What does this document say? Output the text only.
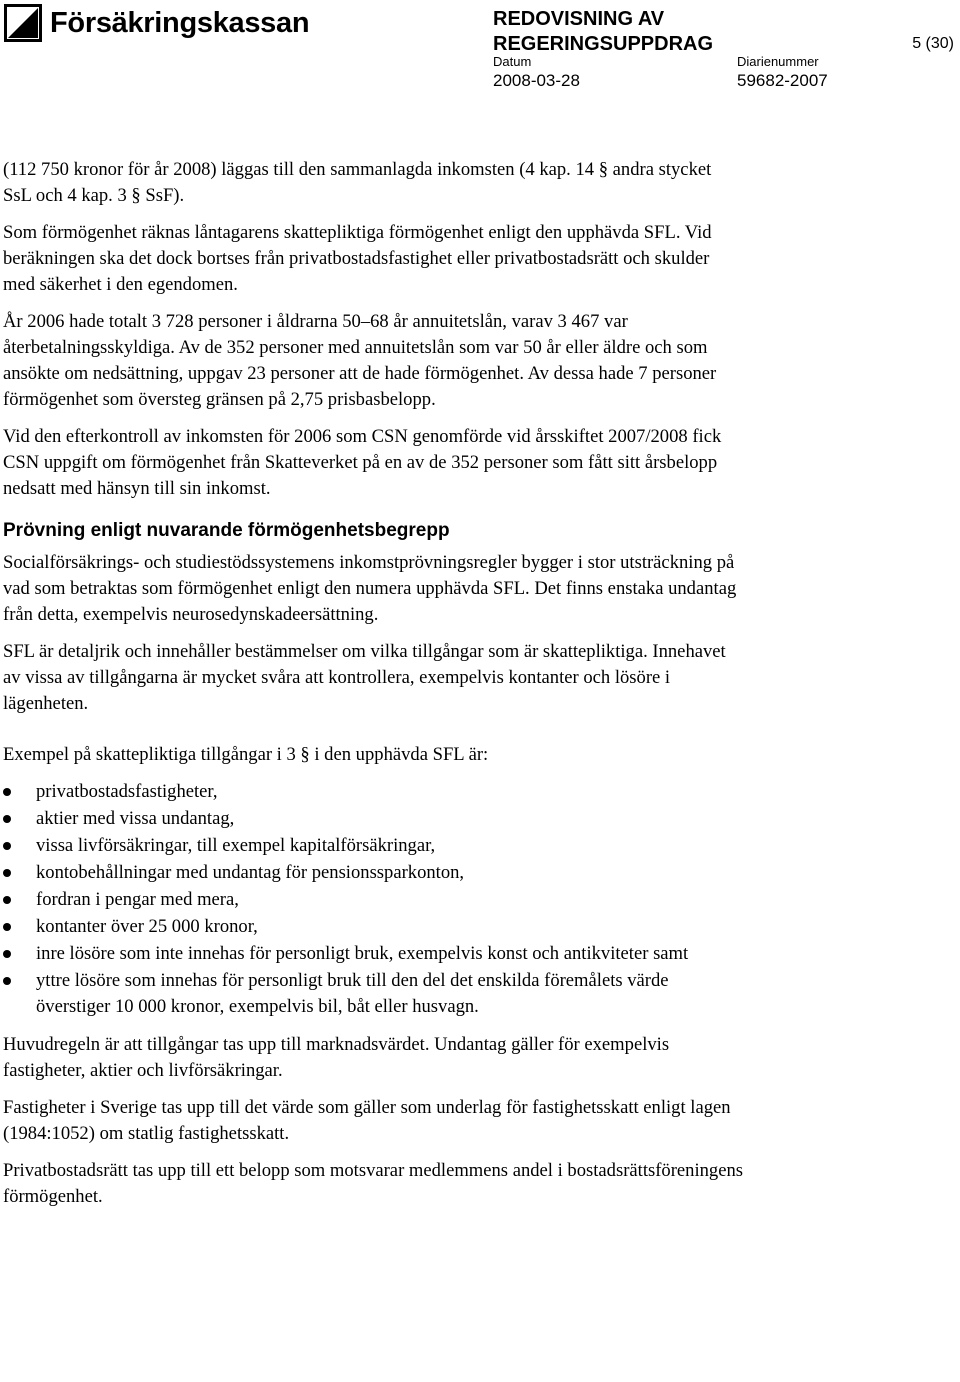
Försäkringskassan	REDOVISNING AV
REGERINGSUPPDRAG	5 (30)
Datum	Diarienummer
2008-03-28	59682-2007

(112 750 kronor för år 2008) läggas till den sammanlagda inkomsten (4 kap. 14 § andra stycket SsL och 4 kap. 3 § SsF).

Som förmögenhet räknas låntagarens skattepliktiga förmögenhet enligt den upphävda SFL. Vid beräkningen ska det dock bortses från privatbostadsfastighet eller privatbostadsrätt och skulder med säkerhet i den egendomen.

År 2006 hade totalt 3 728 personer i åldrarna 50–68 år annuitetslån, varav 3 467 var återbetalningsskyldiga. Av de 352 personer med annuitetslån som var 50 år eller äldre och som ansökte om nedsättning, uppgav 23 personer att de hade förmögenhet. Av dessa hade 7 personer förmögenhet som översteg gränsen på 2,75 prisbasbelopp.

Vid den efterkontroll av inkomsten för 2006 som CSN genomförde vid årsskiftet 2007/2008 fick CSN uppgift om förmögenhet från Skatteverket på en av de 352 personer som fått sitt årsbelopp nedsatt med hänsyn till sin inkomst.

Prövning enligt nuvarande förmögenhetsbegrepp

Socialförsäkrings- och studiestödssystemens inkomstprövningsregler bygger i stor utsträckning på vad som betraktas som förmögenhet enligt den numera upphävda SFL. Det finns enstaka undantag från detta, exempelvis neurosedynskadeersättning.

SFL är detaljrik och innehåller bestämmelser om vilka tillgångar som är skattepliktiga. Innehavet av vissa av tillgångarna är mycket svåra att kontrollera, exempelvis kontanter och lösöre i lägenheten.

Exempel på skattepliktiga tillgångar i 3 § i den upphävda SFL är:

privatbostadsfastigheter,
aktier med vissa undantag,
vissa livförsäkringar, till exempel kapitalförsäkringar,
kontobehållningar med undantag för pensionssparkonton,
fordran i pengar med mera,
kontanter över 25 000 kronor,
inre lösöre som inte innehas för personligt bruk, exempelvis konst och antikviteter samt
yttre lösöre som innehas för personligt bruk till den del det enskilda föremålets värde överstiger 10 000 kronor, exempelvis bil, båt eller husvagn.

Huvudregeln är att tillgångar tas upp till marknadsvärdet. Undantag gäller för exempelvis fastigheter, aktier och livförsäkringar.

Fastigheter i Sverige tas upp till det värde som gäller som underlag för fastighetsskatt enligt lagen (1984:1052) om statlig fastighetsskatt.

Privatbostadsrätt tas upp till ett belopp som motsvarar medlemmens andel i bostadsrättsföreningens förmögenhet.
